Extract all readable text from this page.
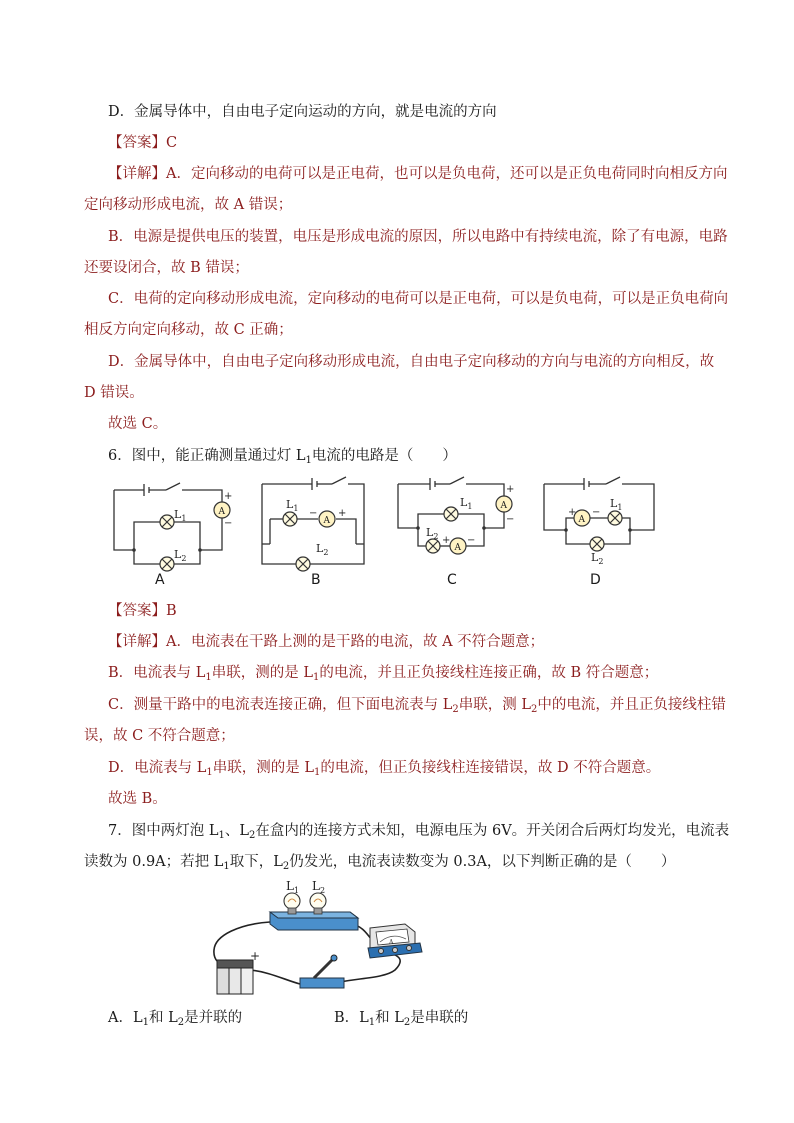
D．金属导体中，自由电子定向运动的方向，就是电流的方向
【答案】C
【详解】A．定向移动的电荷可以是正电荷，也可以是负电荷，还可以是正负电荷同时向相反方向
定向移动形成电流，故 A 错误；
B．电源是提供电压的装置，电压是形成电流的原因，所以电路中有持续电流，除了有电源，电路
还要设闭合，故 B 错误；
C．电荷的定向移动形成电流，定向移动的电荷可以是正电荷，可以是负电荷，可以是正负电荷向
相反方向定向移动，故 C 正确；
D．金属导体中，自由电子定向移动形成电流，自由电子定向移动的方向与电流的方向相反，故
D 错误。
故选 C。
6．图中，能正确测量通过灯 $L_1$电流的电路是（　　）
$L_1$
$L_2$
A
+
−
$L_1$
$L_2$
A
− +
$L_1$
$L_2$
A
+
−
A
+ −
$L_1$
$L_2$
A
+ −
A	B	C	D
【答案】B
【详解】A．电流表在干路上测的是干路的电流，故 A 不符合题意；
B．电流表与 $L_1$串联，测的是 $L_1$的电流，并且正负接线柱连接正确，故 B 符合题意；
C．测量干路中的电流表连接正确，但下面电流表与 $L_2$串联，测 $L_2$中的电流，并且正负接线柱错
误，故 C 不符合题意；
D．电流表与 $L_1$串联，测的是 $L_1$的电流，但正负接线柱连接错误，故 D 不符合题意。
故选 B。
7．图中两灯泡 $L_1$、$L_2$在盒内的连接方式未知，电源电压为 6V。开关闭合后两灯均发光，电流表
读数为 0.9A；若把 $L_1$取下，$L_2$仍发光，电流表读数变为 0.3A，以下判断正确的是（　　）
$L_1$ $L_2$
+
A
A．$L_1$和 $L_2$是并联的	B．$L_1$和 $L_2$是串联的
